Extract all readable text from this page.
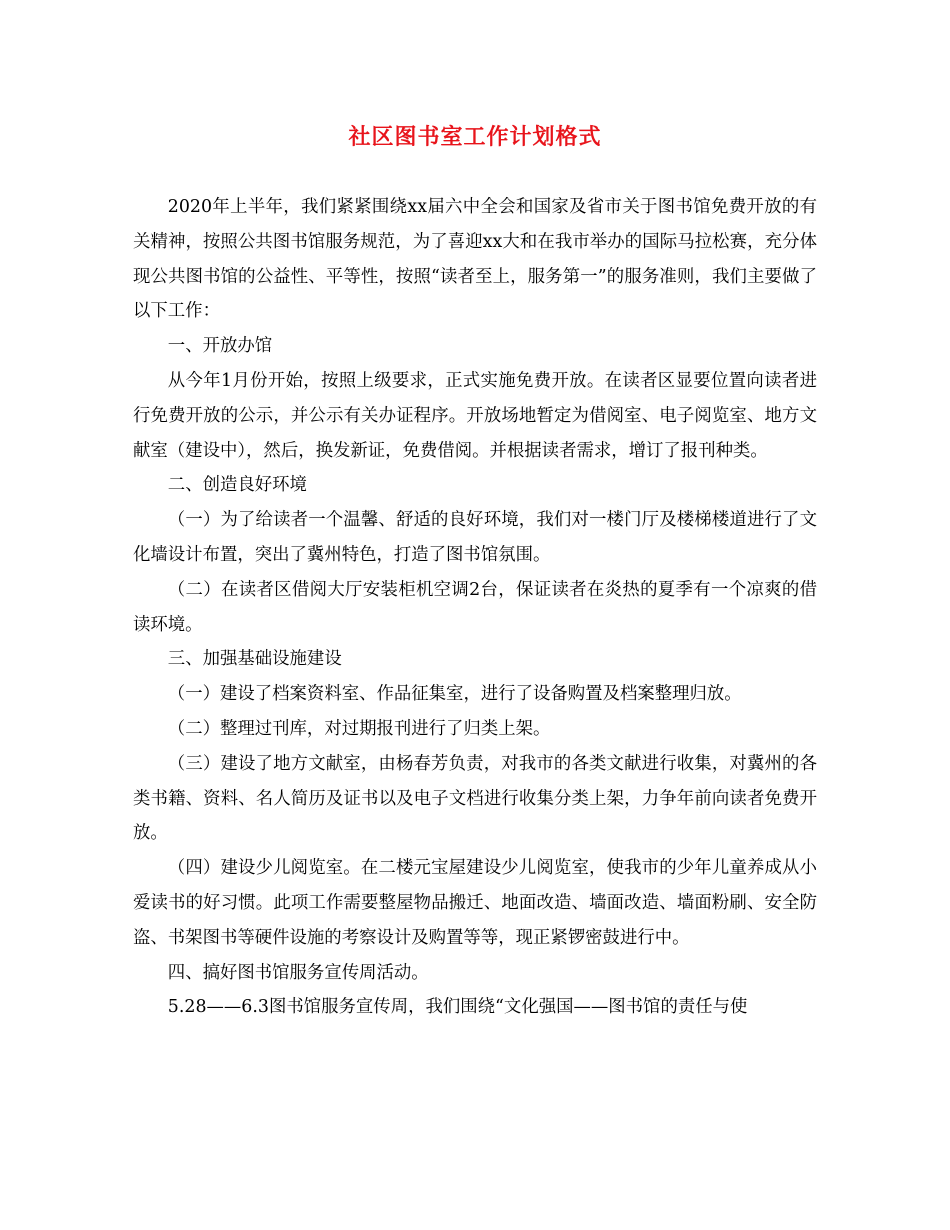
社区图书室工作计划格式

2020年上半年，我们紧紧围绕xx届六中全会和国家及省市关于图书馆免费开放的有关精神，按照公共图书馆服务规范，为了喜迎xx大和在我市举办的国际马拉松赛，充分体现公共图书馆的公益性、平等性，按照“读者至上，服务第一”的服务准则，我们主要做了以下工作：

一、开放办馆

从今年1月份开始，按照上级要求，正式实施免费开放。在读者区显要位置向读者进行免费开放的公示，并公示有关办证程序。开放场地暂定为借阅室、电子阅览室、地方文献室（建设中），然后，换发新证，免费借阅。并根据读者需求，增订了报刊种类。

二、创造良好环境

（一）为了给读者一个温馨、舒适的良好环境，我们对一楼门厅及楼梯楼道进行了文化墙设计布置，突出了冀州特色，打造了图书馆氛围。

（二）在读者区借阅大厅安装柜机空调2台，保证读者在炎热的夏季有一个凉爽的借读环境。

三、加强基础设施建设

（一）建设了档案资料室、作品征集室，进行了设备购置及档案整理归放。

（二）整理过刊库，对过期报刊进行了归类上架。

（三）建设了地方文献室，由杨春芳负责，对我市的各类文献进行收集，对冀州的各类书籍、资料、名人简历及证书以及电子文档进行收集分类上架，力争年前向读者免费开放。

（四）建设少儿阅览室。在二楼元宝屋建设少儿阅览室，使我市的少年儿童养成从小爱读书的好习惯。此项工作需要整屋物品搬迁、地面改造、墙面改造、墙面粉刷、安全防盗、书架图书等硬件设施的考察设计及购置等等，现正紧锣密鼓进行中。

四、搞好图书馆服务宣传周活动。

5.28——6.3图书馆服务宣传周，我们围绕“文化强国——图书馆的责任与使
